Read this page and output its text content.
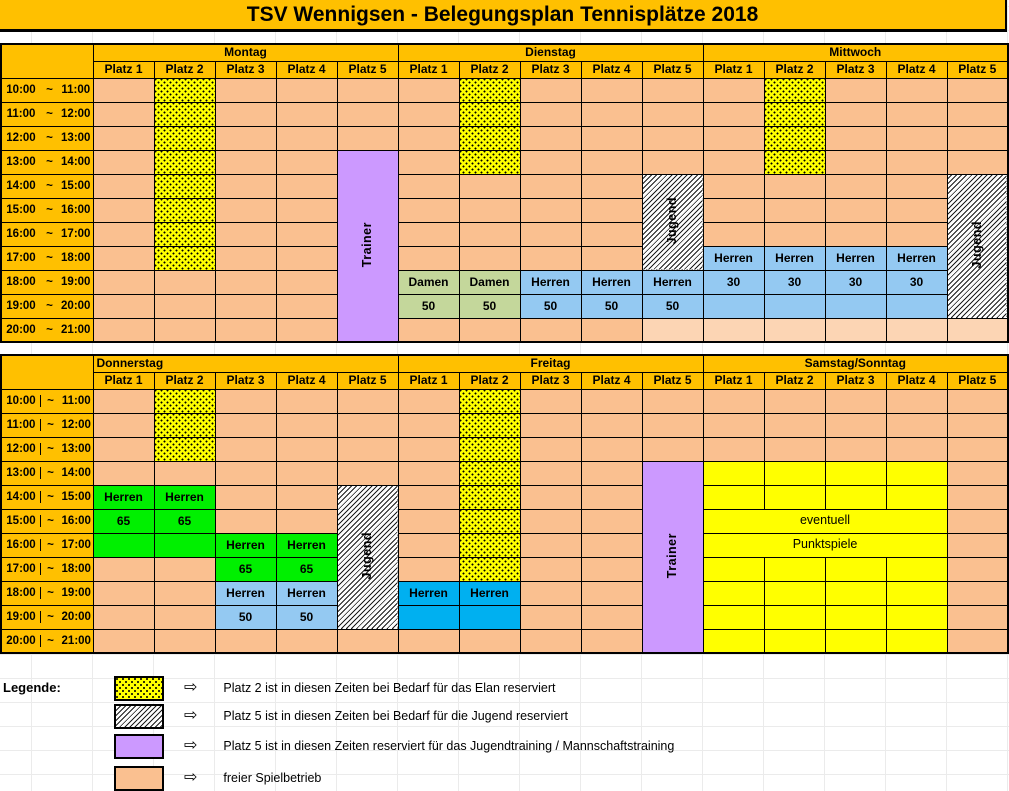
TSV Wennigsen - Belegungsplan Tennisplätze 2018
	Montag					Dienstag					Mittwoch				
	Platz 1	Platz 2	Platz 3	Platz 4	Platz 5	Platz 1	Platz 2	Platz 3	Platz 4	Platz 5	Platz 1	Platz 2	Platz 3	Platz 4	Platz 5

10:00 ~ 11:00															

11:00 ~ 12:00															

12:00 ~ 13:00															

13:00 ~ 14:00					Trainer										

14:00 ~ 15:00										Jugend					Jugend

15:00 ~ 16:00															

16:00 ~ 17:00															

17:00 ~ 18:00											Herren	Herren	Herren	Herren	

18:00 ~ 19:00						Damen	Damen	Herren	Herren	Herren	30	30	30	30	

19:00 ~ 20:00						50	50	50	50	50					

20:00 ~ 21:00															

	Donnerstag					Freitag					Samstag/Sonntag				
	Platz 1	Platz 2	Platz 3	Platz 4	Platz 5	Platz 1	Platz 2	Platz 3	Platz 4	Platz 5	Platz 1	Platz 2	Platz 3	Platz 4	Platz 5

10:00 ~ 11:00															

11:00 ~ 12:00															

12:00 ~ 13:00															

13:00 ~ 14:00										Trainer					

14:00 ~ 15:00	Herren	Herren			Jugend										

15:00 ~ 16:00	65	65									eventuell				

16:00 ~ 17:00			Herren	Herren							Punktspiele				

17:00 ~ 18:00			65	65											

18:00 ~ 19:00			Herren	Herren		Herren	Herren								

19:00 ~ 20:00			50	50											

20:00 ~ 21:00															

Legende:	⇨ Platz 2 ist in diesen Zeiten bei Bedarf für das Elan reserviert
⇨ Platz 5 ist in diesen Zeiten bei Bedarf für die Jugend reserviert
⇨ Platz 5 ist in diesen Zeiten reserviert für das Jugendtraining / Mannschaftstraining
⇨ freier Spielbetrieb
